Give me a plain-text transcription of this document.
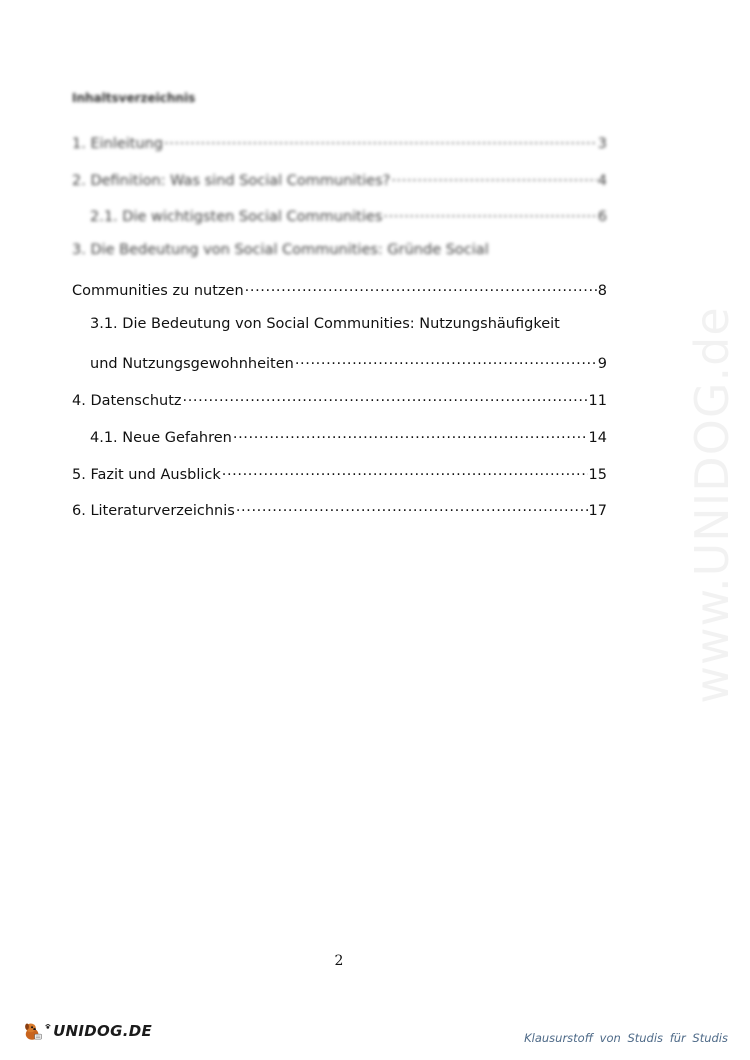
Inhaltsverzeichnis
1. Einleitung .....	3
2. Definition: Was sind Social Communities? .....	4
2.1. Die wichtigsten Social Communities .....	6
3. Die Bedeutung von Social Communities: Gründe Social
Communities zu nutzen .....	8
3.1. Die Bedeutung von Social Communities: Nutzungshäufigkeit
und Nutzungsgewohnheiten .....	9
4. Datenschutz .....	11
4.1. Neue Gefahren .....	14
5. Fazit und Ausblick .....	15
6. Literaturverzeichnis .....	17 www.UNIDOG.de
2
UNIDOG.DE	Klausurstoff von Studis für Studis
